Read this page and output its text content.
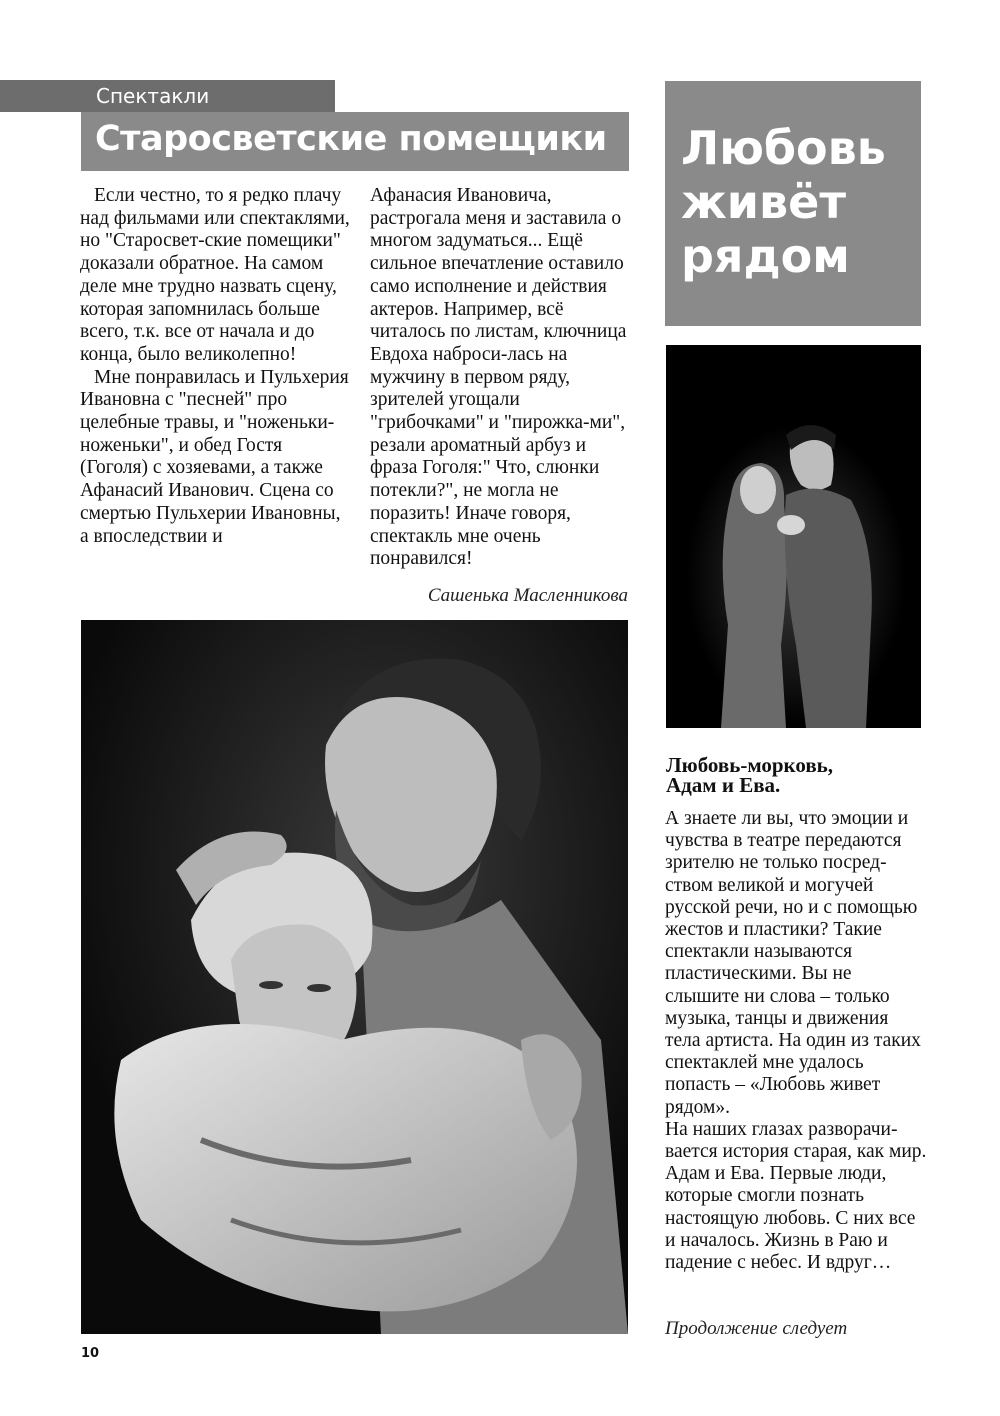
Спектакли
Старосветские помещики

Если честно, то я редко плачу над фильмами или спектаклями, но "Старосвет-ские помещики" доказали обратное. На самом деле мне трудно назвать сцену, которая запомнилась больше всего, т.к. все от начала и до конца, было великолепно!

Мне понравилась и Пульхерия Ивановна с "песней" про целебные травы, и "ноженьки-ноженьки", и обед Гостя (Гоголя) с хозяевами, а также Афанасий Иванович. Сцена со смертью Пульхерии Ивановны, а впоследствии и

Афанасия Ивановича, растрогала меня и заставила о многом задуматься... Ещё сильное впечатление оставило само исполнение и действия актеров. Например, всё читалось по листам, ключница Евдоха наброси-лась на мужчину в первом ряду, зрителей угощали "грибочками" и "пирожка-ми", резали ароматный арбуз и фраза Гоголя:" Что, слюнки потекли?", не могла не поразить! Иначе говоря, спектакль мне очень понравился!

Сашенька Масленникова
Любовь
живёт
рядом
Любовь-морковь,
Адам и Ева.

А знаете ли вы, что эмоции и чувства в театре передаются зрителю не только посред-ством великой и могучей русской речи, но и с помощью жестов и пластики? Такие спектакли называются пластическими. Вы не слышите ни слова – только музыка, танцы и движения тела артиста. На один из таких спектаклей мне удалось попасть – «Любовь живет рядом».

На наших глазах разворачи-вается история старая, как мир. Адам и Ева. Первые люди, которые смогли познать настоящую любовь. С них все и началось. Жизнь в Раю и падение с небес. И вдруг…

Продолжение следует
10
